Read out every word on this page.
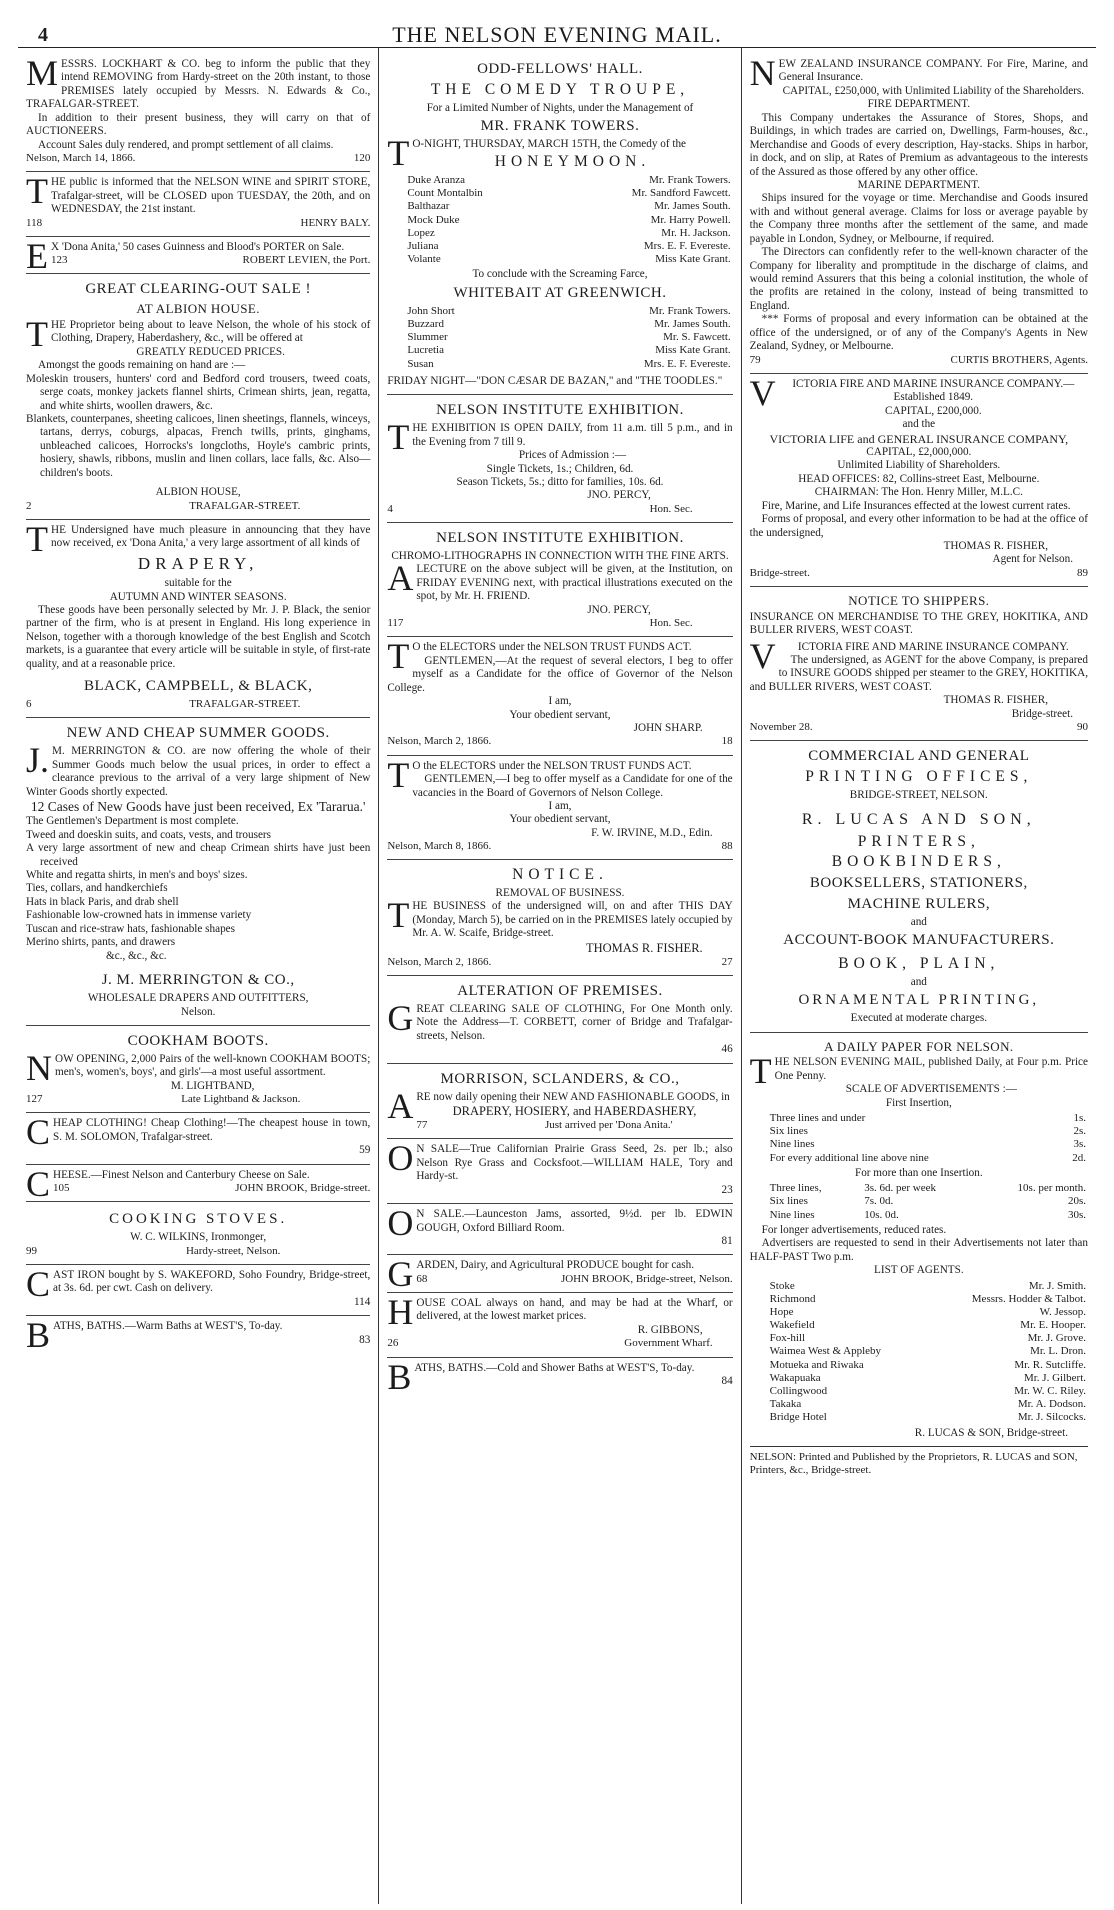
4	THE NELSON EVENING MAIL.

MESSRS. LOCKHART & CO. beg to inform the public that they intend REMOVING from Hardy-street on the 20th instant, to those PREMISES lately occupied by Messrs. N. Edwards & Co., TRAFALGAR-STREET.

In addition to their present business, they will carry on that of AUCTIONEERS.

Account Sales duly rendered, and prompt settlement of all claims.

Nelson, March 14, 1866.	120

THE public is informed that the NELSON WINE and SPIRIT STORE, Trafalgar-street, will be CLOSED upon TUESDAY, the 20th, and on WEDNESDAY, the 21st instant.

118	HENRY BALY.

EX 'Dona Anita,' 50 cases Guinness and Blood's PORTER on Sale.

123	ROBERT LEVIEN, the Port.
GREAT CLEARING-OUT SALE !
AT ALBION HOUSE.

THE Proprietor being about to leave Nelson, the whole of his stock of Clothing, Drapery, Haberdashery, &c., will be offered at

GREATLY REDUCED PRICES.

Amongst the goods remaining on hand are :—

Moleskin trousers, hunters' cord and Bedford cord trousers, tweed coats, serge coats, monkey jackets flannel shirts, Crimean shirts, jean, regatta, and white shirts, woollen drawers, &c.

Blankets, counterpanes, sheeting calicoes, linen sheetings, flannels, winceys, tartans, derrys, coburgs, alpacas, French twills, prints, ginghams, unbleached calicoes, Horrocks's longcloths, Hoyle's cambric prints, hosiery, shawls, ribbons, muslin and linen collars, lace falls, &c. Also—children's boots.

ALBION HOUSE,

2	TRAFALGAR-STREET.

THE Undersigned have much pleasure in announcing that they have now received, ex 'Dona Anita,' a very large assortment of all kinds of

DRAPERY,

suitable for the

AUTUMN AND WINTER SEASONS.

These goods have been personally selected by Mr. J. P. Black, the senior partner of the firm, who is at present in England. His long experience in Nelson, together with a thorough knowledge of the best English and Scotch markets, is a guarantee that every article will be suitable in style, of first-rate quality, and at a reasonable price.

BLACK, CAMPBELL, & BLACK,
6	TRAFALGAR-STREET.
NEW AND CHEAP SUMMER GOODS.

J.M. MERRINGTON & CO. are now offering the whole of their Summer Goods much below the usual prices, in order to effect a clearance previous to the arrival of a very large shipment of New Winter Goods shortly expected.

12 Cases of New Goods have just been received, Ex 'Tararua.'

The Gentlemen's Department is most complete.

Tweed and doeskin suits, and coats, vests, and trousers

A very large assortment of new and cheap Crimean shirts have just been received

White and regatta shirts, in men's and boys' sizes.

Ties, collars, and handkerchiefs

Hats in black Paris, and drab shell

Fashionable low-crowned hats in immense variety

Tuscan and rice-straw hats, fashionable shapes

Merino shirts, pants, and drawers

&c., &c., &c.

J. M. MERRINGTON & CO.,

WHOLESALE DRAPERS AND OUTFITTERS,

Nelson.

COOKHAM BOOTS.

NOW OPENING, 2,000 Pairs of the well-known COOKHAM BOOTS; men's, women's, boys', and girls'—a most useful assortment.

M. LIGHTBAND,

127	Late Lightband & Jackson.

CHEAP CLOTHING! Cheap Clothing!—The cheapest house in town, S. M. SOLOMON, Trafalgar-street.

59

CHEESE.—Finest Nelson and Canterbury Cheese on Sale.

105	JOHN BROOK, Bridge-street.
COOKING STOVES.

W. C. WILKINS, Ironmonger,

99	Hardy-street, Nelson.

CAST IRON bought by S. WAKEFORD, Soho Foundry, Bridge-street, at 3s. 6d. per cwt. Cash on delivery.

114

BATHS, BATHS.—Warm Baths at WEST'S, To-day.

83

ODD-FELLOWS' HALL.
THE COMEDY TROUPE,

For a Limited Number of Nights, under the Management of

MR. FRANK TOWERS.

TO-NIGHT, THURSDAY, MARCH 15TH, the Comedy of the

HONEYMOON.
Duke Aranza	Mr. Frank Towers.
Count Montalbin	Mr. Sandford Fawcett.
Balthazar	Mr. James South.
Mock Duke	Mr. Harry Powell.
Lopez	Mr. H. Jackson.
Juliana	Mrs. E. F. Evereste.
Volante	Miss Kate Grant.

To conclude with the Screaming Farce,

WHITEBAIT AT GREENWICH.
John Short	Mr. Frank Towers.
Buzzard	Mr. James South.
Slummer	Mr. S. Fawcett.
Lucretia	Miss Kate Grant.
Susan	Mrs. E. F. Evereste.

FRIDAY NIGHT—"DON CÆSAR DE BAZAN," and "THE TOODLES."

NELSON INSTITUTE EXHIBITION.

THE EXHIBITION IS OPEN DAILY, from 11 a.m. till 5 p.m., and in the Evening from 7 till 9.

Prices of Admission :—

Single Tickets, 1s.; Children, 6d.

Season Tickets, 5s.; ditto for families, 10s. 6d.

JNO. PERCY,

4	Hon. Sec.
NELSON INSTITUTE EXHIBITION.

CHROMO-LITHOGRAPHS IN CONNECTION WITH THE FINE ARTS.

ALECTURE on the above subject will be given, at the Institution, on FRIDAY EVENING next, with practical illustrations executed on the spot, by Mr. H. FRIEND.

JNO. PERCY,

117	Hon. Sec.

TO the ELECTORS under the NELSON TRUST FUNDS ACT.

GENTLEMEN,—At the request of several electors, I beg to offer myself as a Candidate for the office of Governor of the Nelson College.

I am,

Your obedient servant,

JOHN SHARP.

Nelson, March 2, 1866.	18

TO the ELECTORS under the NELSON TRUST FUNDS ACT.

GENTLEMEN,—I beg to offer myself as a Candidate for one of the vacancies in the Board of Governors of Nelson College.

I am,

Your obedient servant,

F. W. IRVINE, M.D., Edin.

Nelson, March 8, 1866.	88
NOTICE.

REMOVAL OF BUSINESS.

THE BUSINESS of the undersigned will, on and after THIS DAY (Monday, March 5), be carried on in the PREMISES lately occupied by Mr. A. W. Scaife, Bridge-street.

THOMAS R. FISHER.

Nelson, March 2, 1866.	27
ALTERATION OF PREMISES.

GREAT CLEARING SALE OF CLOTHING, For One Month only. Note the Address—T. CORBETT, corner of Bridge and Trafalgar-streets, Nelson.

46

MORRISON, SCLANDERS, & CO.,

ARE now daily opening their NEW AND FASHIONABLE GOODS, in

DRAPERY, HOSIERY, and HABERDASHERY,

77	Just arrived per 'Dona Anita.'

ON SALE—True Californian Prairie Grass Seed, 2s. per lb.; also Nelson Rye Grass and Cocksfoot.—WILLIAM HALE, Tory and Hardy-st.

23

ON SALE.—Launceston Jams, assorted, 9½d. per lb. EDWIN GOUGH, Oxford Billiard Room.

81

GARDEN, Dairy, and Agricultural PRODUCE bought for cash.

68	JOHN BROOK, Bridge-street, Nelson.

HOUSE COAL always on hand, and may be had at the Wharf, or delivered, at the lowest market prices.

R. GIBBONS,

26	Government Wharf.

BATHS, BATHS.—Cold and Shower Baths at WEST'S, To-day.

84

NEW ZEALAND INSURANCE COMPANY. For Fire, Marine, and General Insurance.

CAPITAL, £250,000, with Unlimited Liability of the Shareholders.

FIRE DEPARTMENT.

This Company undertakes the Assurance of Stores, Shops, and Buildings, in which trades are carried on, Dwellings, Farm-houses, &c., Merchandise and Goods of every description, Hay-stacks. Ships in harbor, in dock, and on slip, at Rates of Premium as advantageous to the interests of the Assured as those offered by any other office.

MARINE DEPARTMENT.

Ships insured for the voyage or time. Merchandise and Goods insured with and without general average. Claims for loss or average payable by the Company three months after the settlement of the same, and made payable in London, Sydney, or Melbourne, if required.

The Directors can confidently refer to the well-known character of the Company for liberality and promptitude in the discharge of claims, and would remind Assurers that this being a colonial institution, the whole of the profits are retained in the colony, instead of being transmitted to England.

*** Forms of proposal and every information can be obtained at the office of the undersigned, or of any of the Company's Agents in New Zealand, Sydney, or Melbourne.

79	CURTIS BROTHERS, Agents.

VICTORIA FIRE AND MARINE INSURANCE COMPANY.—Established 1849.

CAPITAL, £200,000.

and the

VICTORIA LIFE and GENERAL INSURANCE COMPANY,

CAPITAL, £2,000,000.

Unlimited Liability of Shareholders.

HEAD OFFICES: 82, Collins-street East, Melbourne.

CHAIRMAN: The Hon. Henry Miller, M.L.C.

Fire, Marine, and Life Insurances effected at the lowest current rates.

Forms of proposal, and every other information to be had at the office of the undersigned,

THOMAS R. FISHER,

Agent for Nelson.

Bridge-street.	89
NOTICE TO SHIPPERS.

INSURANCE ON MERCHANDISE TO THE GREY, HOKITIKA, AND BULLER RIVERS, WEST COAST.

VICTORIA FIRE AND MARINE INSURANCE COMPANY.

The undersigned, as AGENT for the above Company, is prepared to INSURE GOODS shipped per steamer to the GREY, HOKITIKA, and BULLER RIVERS, WEST COAST.

THOMAS R. FISHER,

Bridge-street.

November 28.	90
COMMERCIAL AND GENERAL
PRINTING OFFICES,

BRIDGE-STREET, NELSON.

R. LUCAS AND SON,
PRINTERS,
BOOKBINDERS,
BOOKSELLERS, STATIONERS,
MACHINE RULERS,

and

ACCOUNT-BOOK MANUFACTURERS.
BOOK, PLAIN,

and

ORNAMENTAL PRINTING,

Executed at moderate charges.

A DAILY PAPER FOR NELSON.

THE NELSON EVENING MAIL, published Daily, at Four p.m. Price One Penny.

SCALE OF ADVERTISEMENTS :—

First Insertion,

Three lines and under	1s.
Six lines	2s.
Nine lines	3s.
For every additional line above nine	2d.

For more than one Insertion.

Three lines,	3s. 6d. per week	10s. per month.
Six lines	7s. 0d.	20s.
Nine lines	10s. 0d.	30s.

For longer advertisements, reduced rates.

Advertisers are requested to send in their Advertisements not later than HALF-PAST Two p.m.

LIST OF AGENTS.

Stoke	Mr. J. Smith.
Richmond	Messrs. Hodder & Talbot.
Hope	W. Jessop.
Wakefield	Mr. E. Hooper.
Fox-hill	Mr. J. Grove.
Waimea West & Appleby	Mr. L. Dron.
Motueka and Riwaka	Mr. R. Sutcliffe.
Wakapuaka	Mr. J. Gilbert.
Collingwood	Mr. W. C. Riley.
Takaka	Mr. A. Dodson.
Bridge Hotel	Mr. J. Silcocks.

R. LUCAS & SON, Bridge-street.

NELSON: Printed and Published by the Proprietors, R. LUCAS and SON, Printers, &c., Bridge-street.
